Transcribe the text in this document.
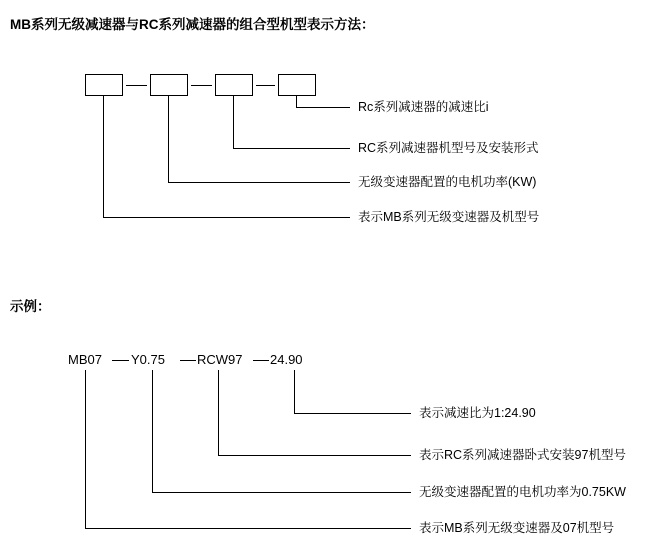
MB系列无级减速器与RC系列减速器的组合型机型表示方法：
Rc系列减速器的减速比i
RC系列减速器机型号及安装形式
无级变速器配置的电机功率(KW)
表示MB系列无级变速器及机型号
示例：
MB07 Y0.75 RCW97 24.90
表示减速比为1:24.90
表示RC系列减速器卧式安装97机型号
无级变速器配置的电机功率为0.75KW
表示MB系列无级变速器及07机型号
